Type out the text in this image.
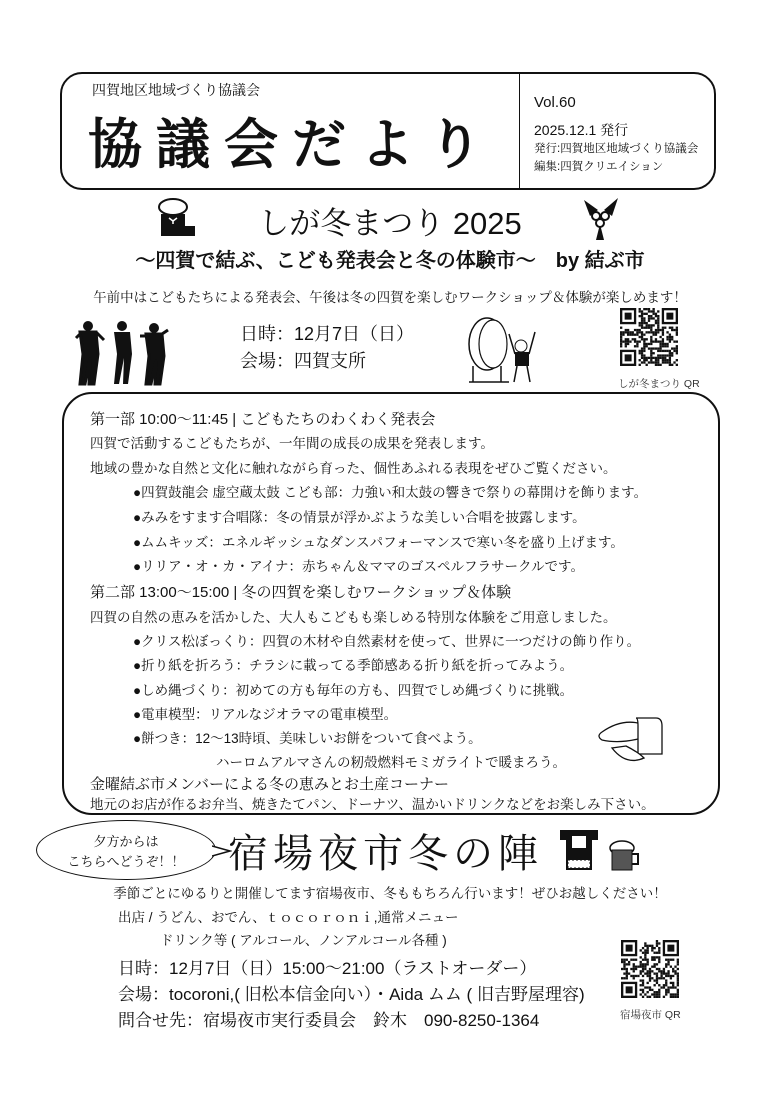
四賀地区地域づくり協議会
協議会だより
Vol.60
2025.12.1 発行
発行:四賀地区地域づくり協議会
編集:四賀クリエイション
しが冬まつり 2025
～四賀で結ぶ、こども発表会と冬の体験市～　by 結ぶ市
午前中はこどもたちによる発表会、午後は冬の四賀を楽しむワークショップ＆体験が楽しめます！
日時：12月7日（日）
会場：四賀支所
しが冬まつり QR
第一部 10:00～11:45 | こどもたちのわくわく発表会
四賀で活動するこどもたちが、一年間の成長の成果を発表します。
地域の豊かな自然と文化に触れながら育った、個性あふれる表現をぜひご覧ください。
●四賀鼓龍会 虚空蔵太鼓 こども部：力強い和太鼓の響きで祭りの幕開けを飾ります。
●みみをすます合唱隊：冬の情景が浮かぶような美しい合唱を披露します。
●ムムキッズ：エネルギッシュなダンスパフォーマンスで寒い冬を盛り上げます。
●リリア・オ・カ・アイナ：赤ちゃん＆ママのゴスペルフラサークルです。
第二部 13:00～15:00 | 冬の四賀を楽しむワークショップ＆体験
四賀の自然の恵みを活かした、大人もこどもも楽しめる特別な体験をご用意しました。
●クリス松ぼっくり：四賀の木材や自然素材を使って、世界に一つだけの飾り作り。
●折り紙を折ろう：チラシに載ってる季節感ある折り紙を折ってみよう。
●しめ縄づくり：初めての方も毎年の方も、四賀でしめ縄づくりに挑戦。
●電車模型：リアルなジオラマの電車模型。
●餅つき：12～13時頃、美味しいお餅をついて食べよう。
ハーロムアルマさんの籾殻燃料モミガライトで暖まろう。
金曜結ぶ市メンバーによる冬の恵みとお土産コーナー
地元のお店が作るお弁当、焼きたてパン、ドーナツ、温かいドリンクなどをお楽しみ下さい。
夕方からは
こちらへどうぞ！！	宿場夜市冬の陣
季節ごとにゆるりと開催してます宿場夜市、冬ももちろん行います！ぜひお越しください！
出店 / うどん、おでん、ｔｏｃｏｒｏｎｉ,通常メニュー
ドリンク等 ( アルコール、ノンアルコール各種 )
日時：12月7日（日）15:00～21:00（ラストオーダー）
会場：tocoroni,( 旧松本信金向い）・Aida ムム ( 旧吉野屋理容)
問合せ先：宿場夜市実行委員会　鈴木　090-8250-1364	宿場夜市 QR
